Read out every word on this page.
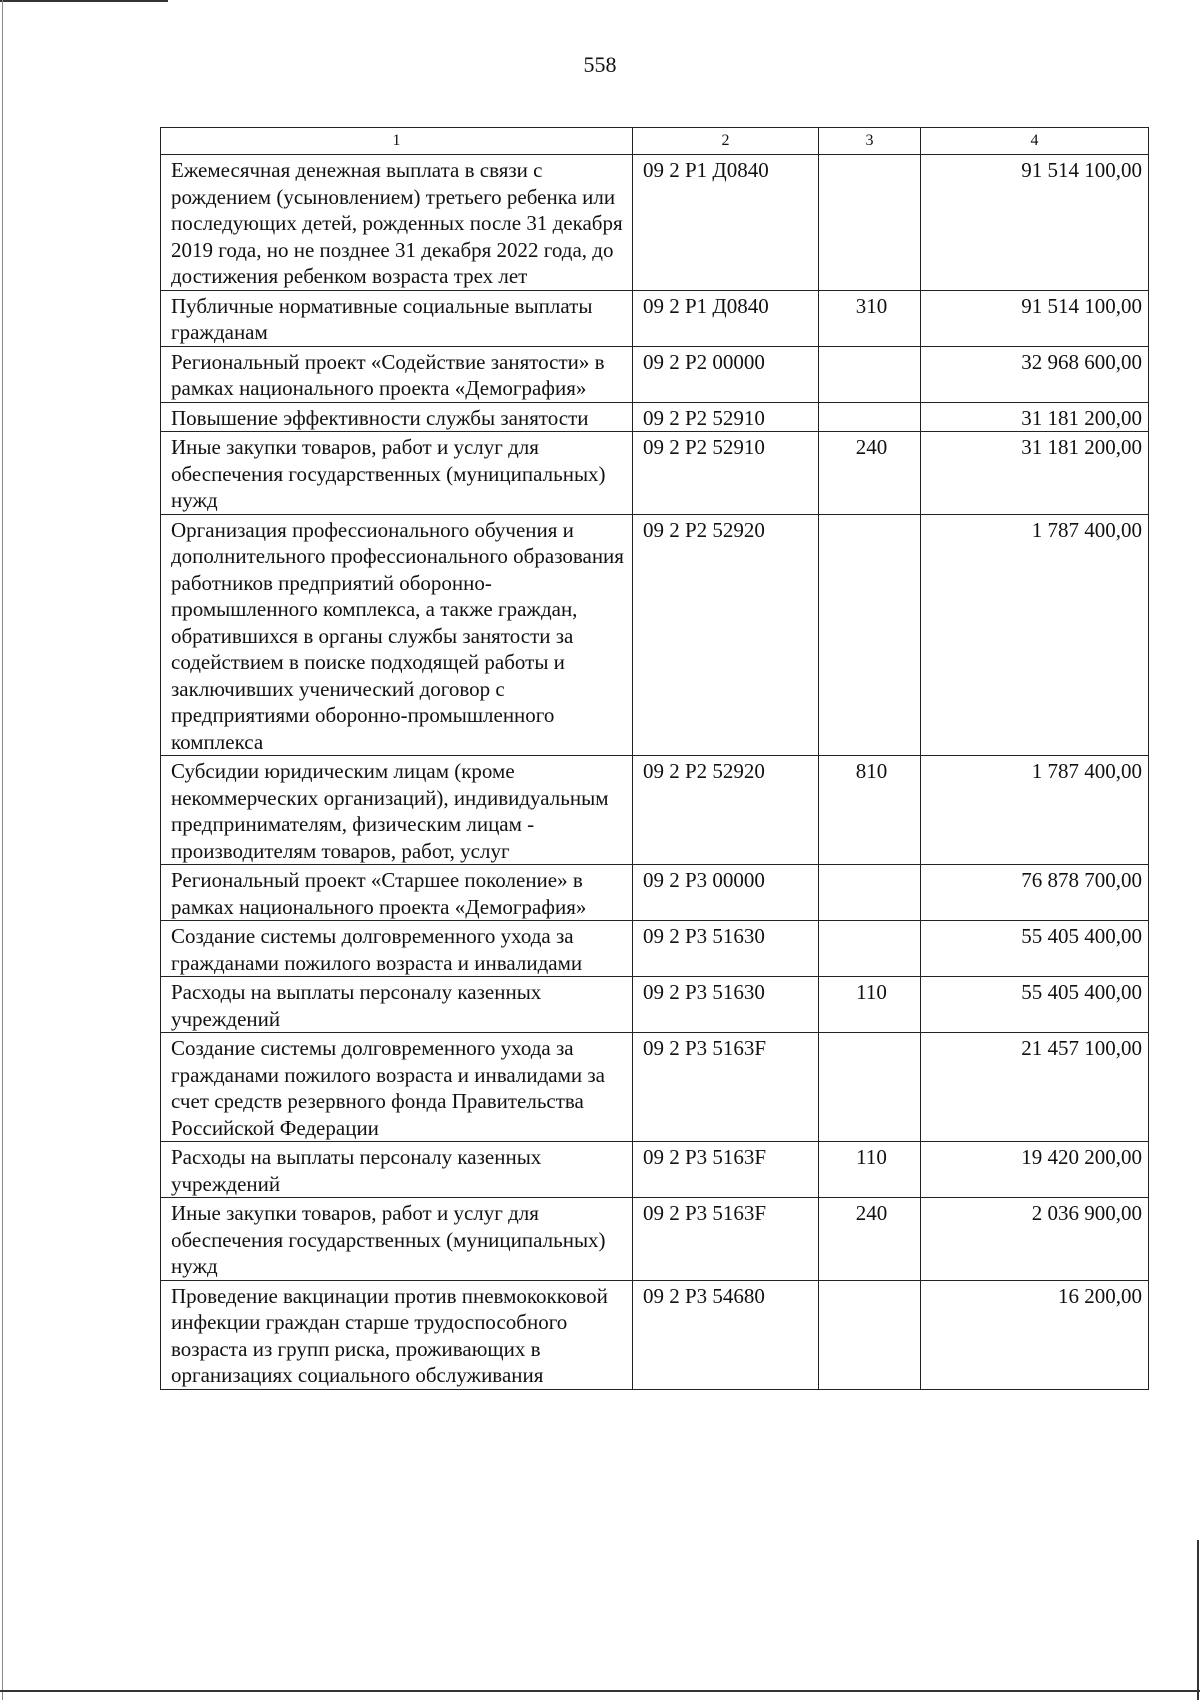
558
1	2	3	4
Ежемесячная денежная выплата в связи с рождением (усыновлением) третьего ребенка или последующих детей, рожденных после 31 декабря 2019 года, но не позднее 31 декабря 2022 года, до достижения ребенком возраста трех лет	09 2 P1 Д0840		91 514 100,00
Публичные нормативные социальные выплаты гражданам	09 2 P1 Д0840	310	91 514 100,00
Региональный проект «Содействие занятости» в рамках национального проекта «Демография»	09 2 P2 00000		32 968 600,00
Повышение эффективности службы занятости	09 2 P2 52910		31 181 200,00
Иные закупки товаров, работ и услуг для обеспечения государственных (муниципальных) нужд	09 2 P2 52910	240	31 181 200,00
Организация профессионального обучения и дополнительного профессионального образования работников предприятий оборонно-промышленного комплекса, а также граждан, обратившихся в органы службы занятости за содействием в поиске подходящей работы и заключивших ученический договор с предприятиями оборонно-промышленного комплекса	09 2 P2 52920		1 787 400,00
Субсидии юридическим лицам (кроме некоммерческих организаций), индивидуальным предпринимателям, физическим лицам - производителям товаров, работ, услуг	09 2 P2 52920	810	1 787 400,00
Региональный проект «Старшее поколение» в рамках национального проекта «Демография»	09 2 P3 00000		76 878 700,00
Создание системы долговременного ухода за гражданами пожилого возраста и инвалидами	09 2 P3 51630		55 405 400,00
Расходы на выплаты персоналу казенных учреждений	09 2 P3 51630	110	55 405 400,00
Создание системы долговременного ухода за гражданами пожилого возраста и инвалидами за счет средств резервного фонда Правительства Российской Федерации	09 2 P3 5163F		21 457 100,00
Расходы на выплаты персоналу казенных учреждений	09 2 P3 5163F	110	19 420 200,00
Иные закупки товаров, работ и услуг для обеспечения государственных (муниципальных) нужд	09 2 P3 5163F	240	2 036 900,00
Проведение вакцинации против пневмококковой инфекции граждан старше трудоспособного возраста из групп риска, проживающих в организациях социального обслуживания	09 2 P3 54680		16 200,00
